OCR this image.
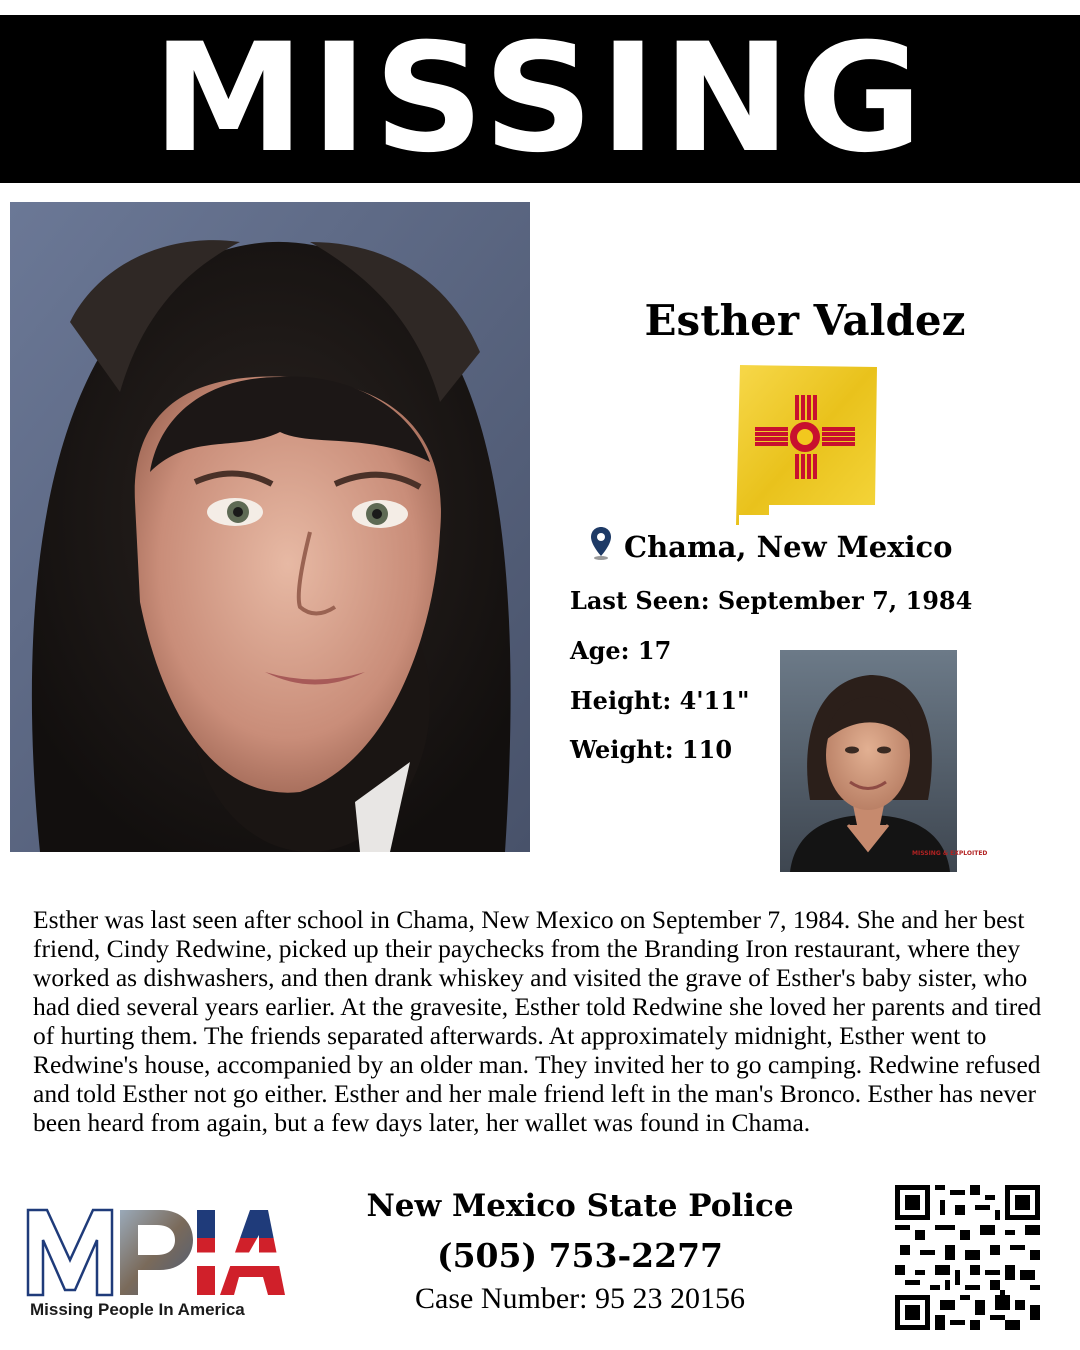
MISSING
Esther Valdez
Chama, New Mexico
Last Seen: September 7, 1984
Age: 17
Height: 4'11"
Weight: 110
MISSING & EXPLOITED
Esther was last seen after school in Chama, New Mexico on September 7, 1984. She and her best friend, Cindy Redwine, picked up their paychecks from the Branding Iron restaurant, where they worked as dishwashers, and then drank whiskey and visited the grave of Esther's baby sister, who had died several years earlier. At the gravesite, Esther told Redwine she loved her parents and tired of hurting them. The friends separated afterwards. At approximately midnight, Esther went to Redwine's house, accompanied by an older man. They invited her to go camping. Redwine refused and told Esther not go either. Esther and her male friend left in the man's Bronco. Esther has never been heard from again, but a few days later, her wallet was found in Chama.
Missing People In America
New Mexico State Police
(505) 753-2277
Case Number: 95 23 20156
